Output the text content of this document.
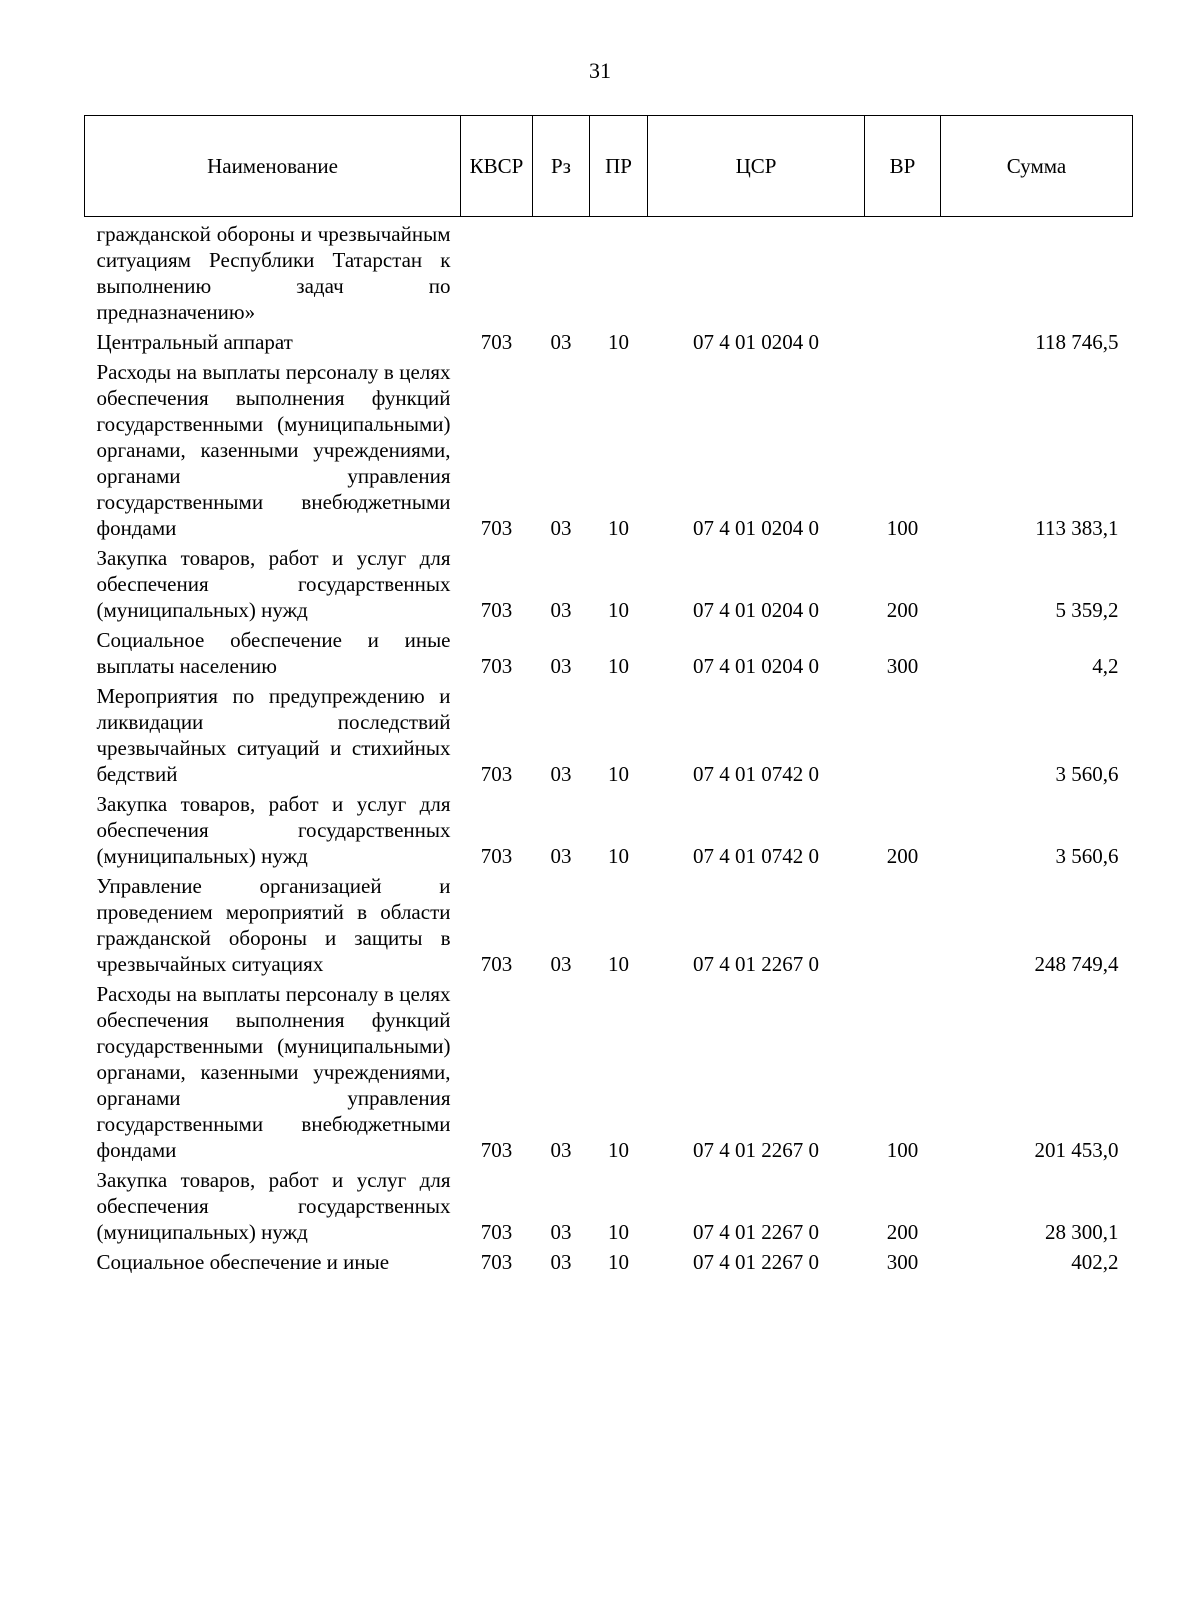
31
Наименование	КВСР	Рз	ПР	ЦСР	ВР	Сумма
гражданской обороны и чрезвычайным ситуациям Республики Татарстан к выполнению задач по предназначению»						
Центральный аппарат	703	03	10	07 4 01 0204 0		118 746,5
Расходы на выплаты персоналу в целях обеспечения выполнения функций государственными (муниципальными) органами, казенными учреждениями, органами управления государственными внебюджетными фондами	703	03	10	07 4 01 0204 0	100	113 383,1
Закупка товаров, работ и услуг для обеспечения государственных (муниципальных) нужд	703	03	10	07 4 01 0204 0	200	5 359,2
Социальное обеспечение и иные выплаты населению	703	03	10	07 4 01 0204 0	300	4,2
Мероприятия по предупреждению и ликвидации последствий чрезвычайных ситуаций и стихийных бедствий	703	03	10	07 4 01 0742 0		3 560,6
Закупка товаров, работ и услуг для обеспечения государственных (муниципальных) нужд	703	03	10	07 4 01 0742 0	200	3 560,6
Управление организацией и проведением мероприятий в области гражданской обороны и защиты в чрезвычайных ситуациях	703	03	10	07 4 01 2267 0		248 749,4
Расходы на выплаты персоналу в целях обеспечения выполнения функций государственными (муниципальными) органами, казенными учреждениями, органами управления государственными внебюджетными фондами	703	03	10	07 4 01 2267 0	100	201 453,0
Закупка товаров, работ и услуг для обеспечения государственных (муниципальных) нужд	703	03	10	07 4 01 2267 0	200	28 300,1
Социальное обеспечение и иные	703	03	10	07 4 01 2267 0	300	402,2
